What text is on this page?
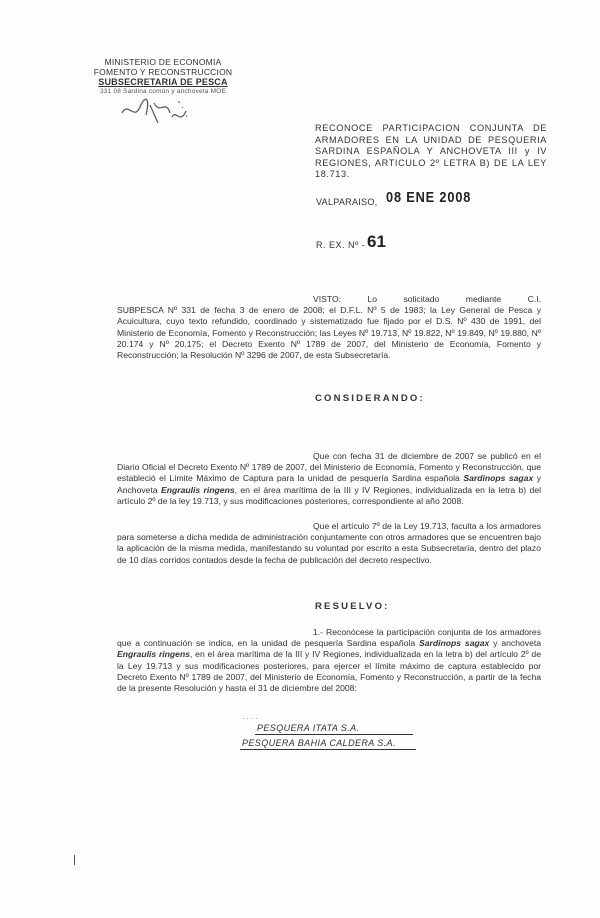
MINISTERIO DE ECONOMIA
FOMENTO Y RECONSTRUCCION
SUBSECRETARIA DE PESCA
331 08 Sardina común y anchoveta MOE
RECONOCE PARTICIPACION CONJUNTA DE ARMADORES EN LA UNIDAD DE PESQUERIA SARDINA ESPAÑOLA Y ANCHOVETA III y IV REGIONES, ARTICULO 2º LETRA B) DE LA LEY 18.713.
VALPARAISO, 08 ENE 2008
R. EX. Nº - 61
VISTO: Lo solicitado mediante C.I.
SUBPESCA Nº 331 de fecha 3 de enero de 2008; el D.F.L. Nº 5 de 1983; la Ley General de Pesca y Acuicultura, cuyo texto refundido, coordinado y sistematizado fue fijado por el D.S. Nº 430 de 1991, del Ministerio de Economía, Fomento y Reconstrucción; las Leyes Nº 19.713, Nº 19.822, Nº 19.849, Nº 19.880, Nº 20.174 y Nº 20.175; el Decreto Exento Nº 1789 de 2007, del Ministerio de Economía, Fomento y Reconstrucción; la Resolución Nº 3296 de 2007, de esta Subsecretaría.
CONSIDERANDO:
Que con fecha 31 de diciembre de 2007 se publicó en el Diario Oficial el Decreto Exento Nº 1789 de 2007, del Ministerio de Economía, Fomento y Reconstrucción, que estableció el Límite Máximo de Captura para la unidad de pesquería Sardina española Sardinops sagax y Anchoveta Engraulis ringens, en el área marítima de la III y IV Regiones, individualizada en la letra b) del artículo 2º de la ley 19.713, y sus modificaciones posteriores, correspondiente al año 2008.
Que el artículo 7º de la Ley 19.713, faculta a los armadores para someterse a dicha medida de administración conjuntamente con otros armadores que se encuentren bajo la aplicación de la misma medida, manifestando su voluntad por escrito a esta Subsecretaría, dentro del plazo de 10 días corridos contados desde la fecha de publicación del decreto respectivo.
RESUELVO:
1.- Reconócese la participación conjunta de los armadores que a continuación se indica, en la unidad de pesquería Sardina española Sardinops sagax y anchoveta Engraulis ringens, en el área marítima de la III y IV Regiones, individualizada en la letra b) del artículo 2º de la Ley 19.713 y sus modificaciones posteriores, para ejercer el límite máximo de captura establecido por Decreto Exento Nº 1789 de 2007, del Ministerio de Economía, Fomento y Reconstrucción, a partir de la fecha de la presente Resolución y hasta el 31 de diciembre del 2008:
. . . .
PESQUERA ITATA S.A.
PESQUERA BAHIA CALDERA S.A.
